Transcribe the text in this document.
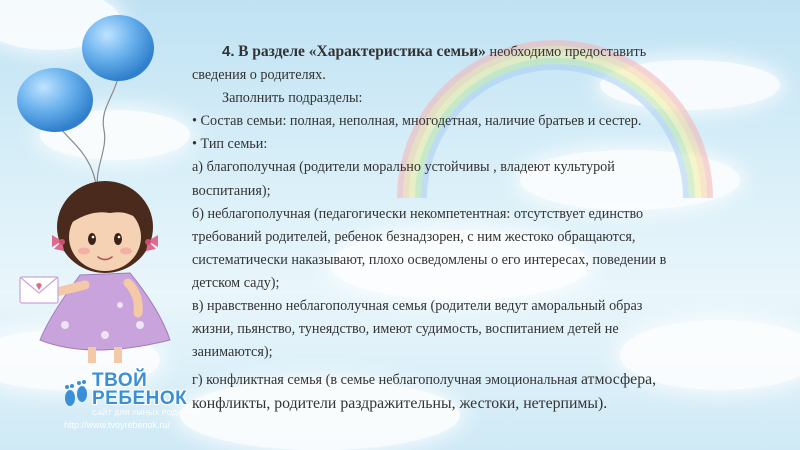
ТВОЙ
РЕБЕНОК
САЙТ ДЛЯ УМНЫХ РОДИТЕЛЕЙ
http://www.tvoyrebenok.ru/
4. В разделе «Характеристика семьи» необходимо предоставить
сведения о родителях.
Заполнить подразделы:
• Состав семьи: полная, неполная, многодетная, наличие братьев и сестер.
• Тип семьи:
а) благополучная (родители морально устойчивы , владеют культурой
воспитания);
б) неблагополучная (педагогически некомпетентная: отсутствует единство
требований родителей, ребенок безнадзорен, с ним жестоко обращаются,
систематически наказывают, плохо осведомлены о его интересах, поведении в
детском саду);
в) нравственно неблагополучная семья (родители ведут аморальный образ
жизни, пьянство, тунеядство, имеют судимость, воспитанием детей не
занимаются);
г) конфликтная семья (в семье неблагополучная эмоциональная атмосфера,
конфликты, родители раздражительны, жестоки, нетерпимы).
